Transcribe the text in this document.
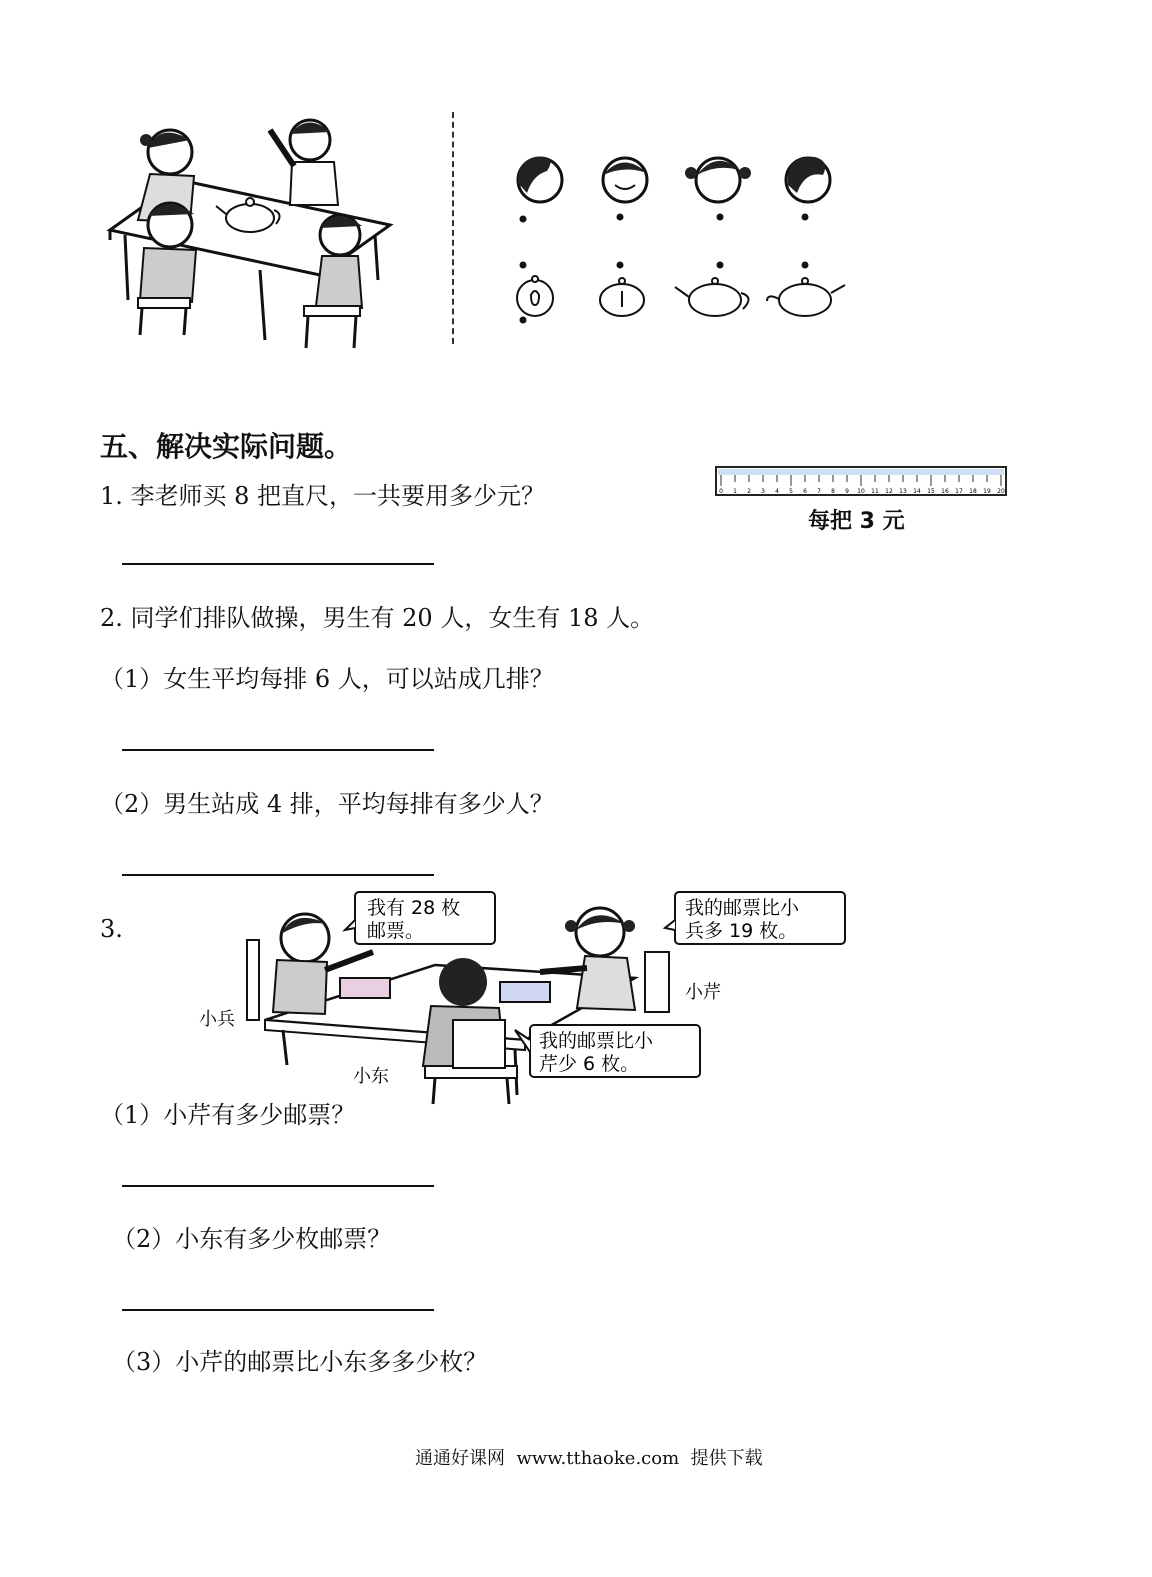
五、解决实际问题。
1. 李老师买 8 把直尺，一共要用多少元？	0 1 2 3 4 5 6 7 8 9 10 11 12 13 14 15 16 17 18 19 20
每把 3 元
2. 同学们排队做操，男生有 20 人，女生有 18 人。
（1）女生平均每排 6 人，可以站成几排？
（2）男生站成 4 排，平均每排有多少人？
3.
我有 28 枚
邮票。
我的邮票比小
兵多 19 枚。
我的邮票比小
芹少 6 枚。
小兵
小芹
小东
（1）小芹有多少邮票？
（2）小东有多少枚邮票？
（3）小芹的邮票比小东多多少枚？
通通好课网  www.tthaoke.com  提供下载
